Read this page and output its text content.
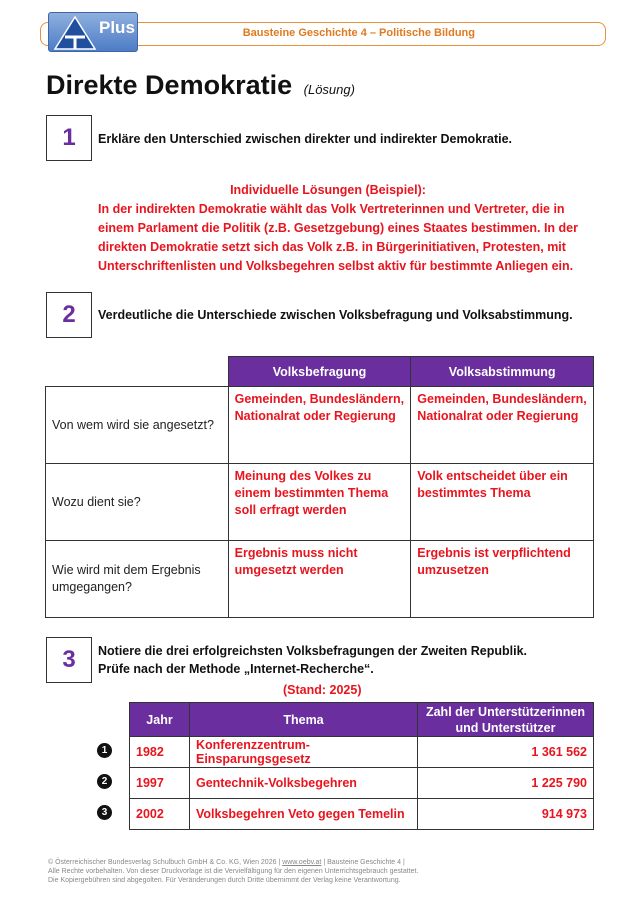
Bausteine Geschichte 4 – Politische Bildung
Plus
Direkte Demokratie (Lösung)
1	Erkläre den Unterschied zwischen direkter und indirekter Demokratie.
Individuelle Lösungen (Beispiel):
In der indirekten Demokratie wählt das Volk Vertreterinnen und Vertreter, die in
einem Parlament die Politik (z.B. Gesetzgebung) eines Staates bestimmen. In der
direkten Demokratie setzt sich das Volk z.B. in Bürgerinitiativen, Protesten, mit
Unterschriftenlisten und Volksbegehren selbst aktiv für bestimmte Anliegen ein.
2	Verdeutliche die Unterschiede zwischen Volksbefragung und Volksabstimmung.
	Volksbefragung	Volksabstimmung
Von wem wird sie angesetzt?	Gemeinden, Bundesländern, Nationalrat oder Regierung	Gemeinden, Bundesländern, Nationalrat oder Regierung
Wozu dient sie?	Meinung des Volkes zu einem bestimmten Thema soll erfragt werden	Volk entscheidet über ein bestimmtes Thema
Wie wird mit dem Ergebnis umgegangen?	Ergebnis muss nicht umgesetzt werden	Ergebnis ist verpflichtend umzusetzen
3	Notiere die drei erfolgreichsten Volksbefragungen der Zweiten Republik.
Prüfe nach der Methode „Internet-Recherche“.
(Stand: 2025)
Jahr	Thema	Zahl der Unterstützerinnen und Unterstützer
1982	Konferenzzentrum-Einsparungsgesetz	1 361 562
1997	Gentechnik-Volksbegehren	1 225 790
2002	Volksbegehren Veto gegen Temelin	914 973
1
2
3
© Österreichischer Bundesverlag Schulbuch GmbH & Co. KG, Wien 2026 | www.oebv.at | Bausteine Geschichte 4 |
Alle Rechte vorbehalten. Von dieser Druckvorlage ist die Vervielfältigung für den eigenen Unterrichtsgebrauch gestattet.
Die Kopiergebühren sind abgegolten. Für Veränderungen durch Dritte übernimmt der Verlag keine Verantwortung.
